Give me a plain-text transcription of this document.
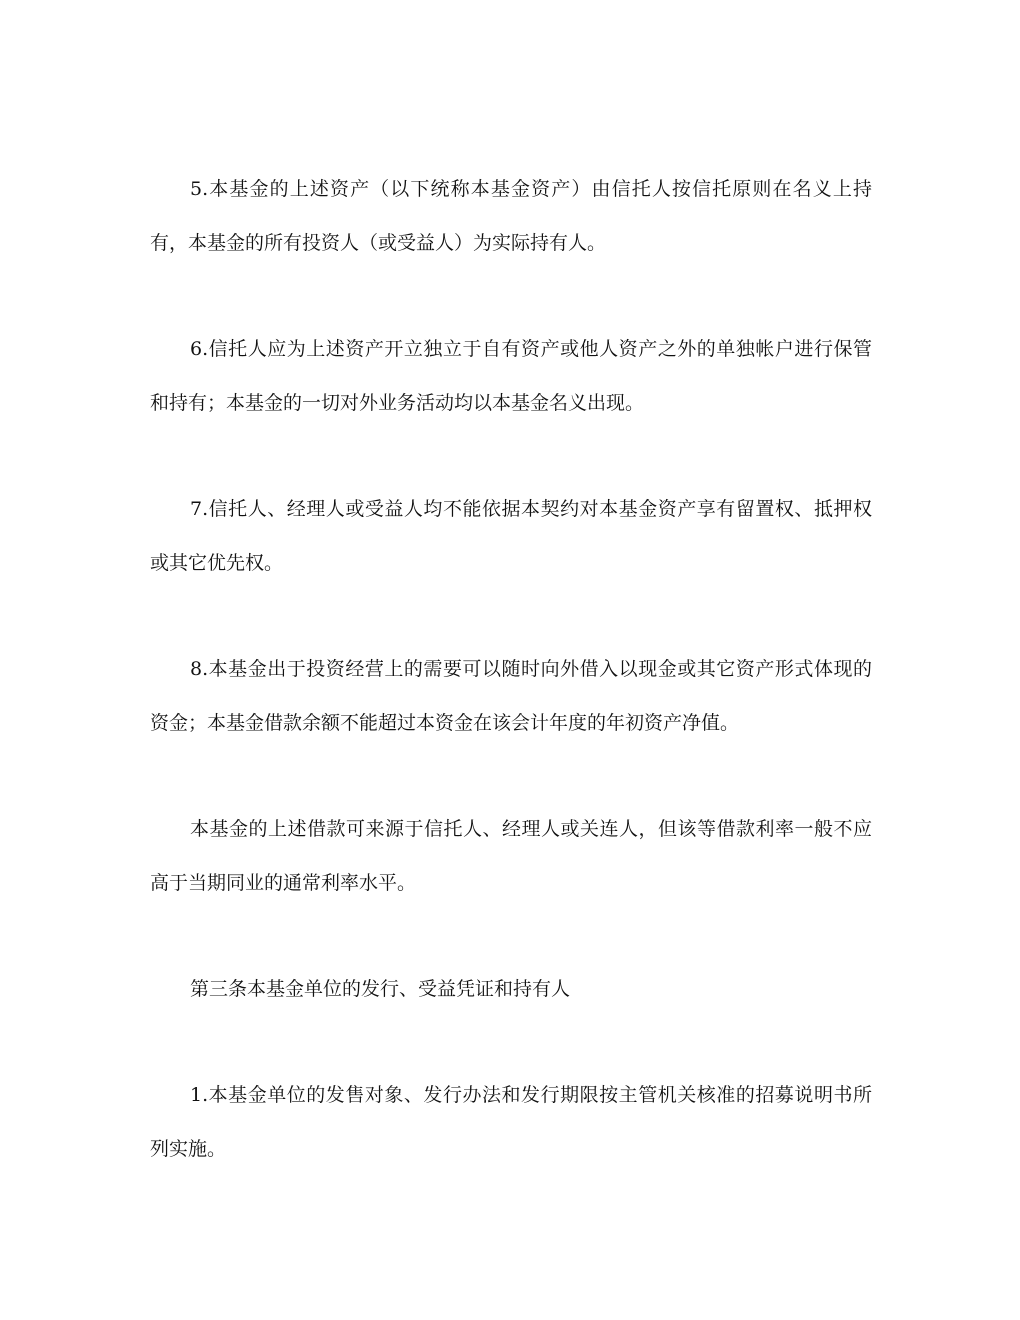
5.本基金的上述资产（以下统称本基金资产）由信托人按信托原则在名义上持有，本基金的所有投资人（或受益人）为实际持有人。

6.信托人应为上述资产开立独立于自有资产或他人资产之外的单独帐户进行保管和持有；本基金的一切对外业务活动均以本基金名义出现。

7.信托人、经理人或受益人均不能依据本契约对本基金资产享有留置权、抵押权或其它优先权。

8.本基金出于投资经营上的需要可以随时向外借入以现金或其它资产形式体现的资金；本基金借款余额不能超过本资金在该会计年度的年初资产净值。

本基金的上述借款可来源于信托人、经理人或关连人，但该等借款利率一般不应高于当期同业的通常利率水平。

第三条本基金单位的发行、受益凭证和持有人

1.本基金单位的发售对象、发行办法和发行期限按主管机关核准的招募说明书所列实施。
